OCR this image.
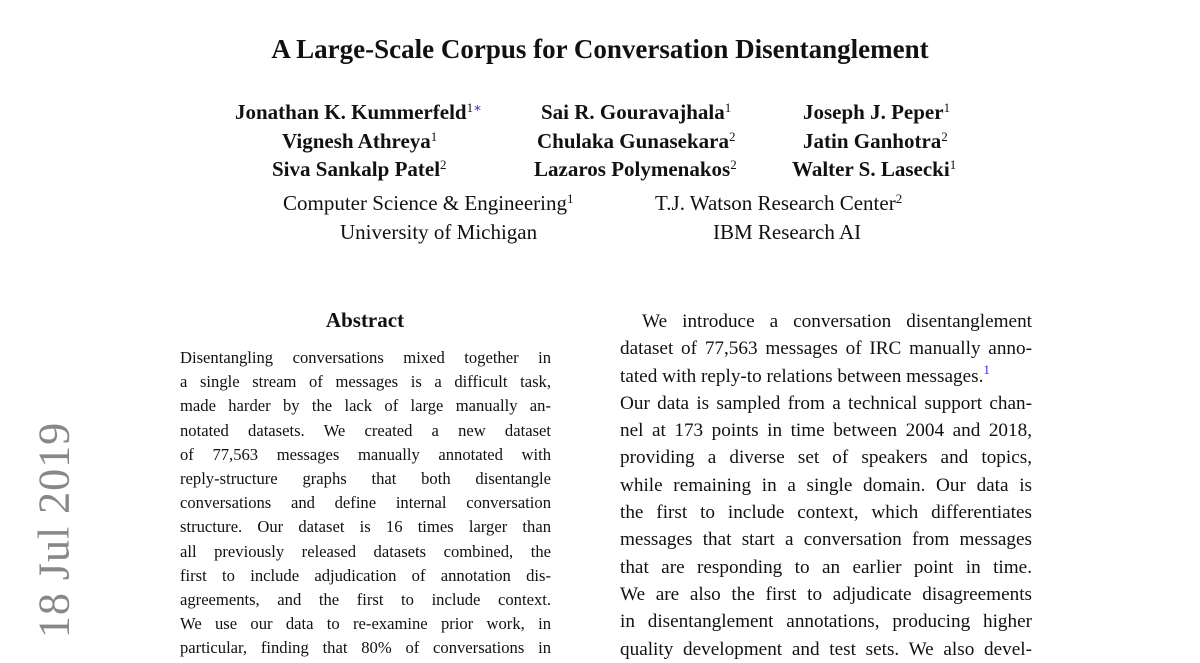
A Large-Scale Corpus for Conversation Disentanglement
Jonathan K. Kummerfeld$^{1∗}$	Sai R. Gouravajhala$^1$	Joseph J. Peper$^1$
Vignesh Athreya$^1$	Chulaka Gunasekara$^2$	Jatin Ganhotra$^2$
Siva Sankalp Patel$^2$	Lazaros Polymenakos$^2$	Walter S. Lasecki$^1$
Computer Science & Engineering$^1$
University of Michigan
T.J. Watson Research Center$^2$
IBM Research AI
Abstract
Disentangling conversations mixed together in
a single stream of messages is a difficult task,
made harder by the lack of large manually an-
notated datasets. We created a new dataset
of 77,563 messages manually annotated with
reply-structure graphs that both disentangle
conversations and define internal conversation
structure. Our dataset is 16 times larger than
all previously released datasets combined, the
first to include adjudication of annotation dis-
agreements, and the first to include context.
We use our data to re-examine prior work, in
particular, finding that 80% of conversations in
We introduce a conversation disentanglement
dataset of 77,563 messages of IRC manually anno-
tated with reply-to relations between messages.$^1$
Our data is sampled from a technical support chan-
nel at 173 points in time between 2004 and 2018,
providing a diverse set of speakers and topics,
while remaining in a single domain. Our data is
the first to include context, which differentiates
messages that start a conversation from messages
that are responding to an earlier point in time.
We are also the first to adjudicate disagreements
in disentanglement annotations, producing higher
quality development and test sets. We also devel-
18 Jul 2019
